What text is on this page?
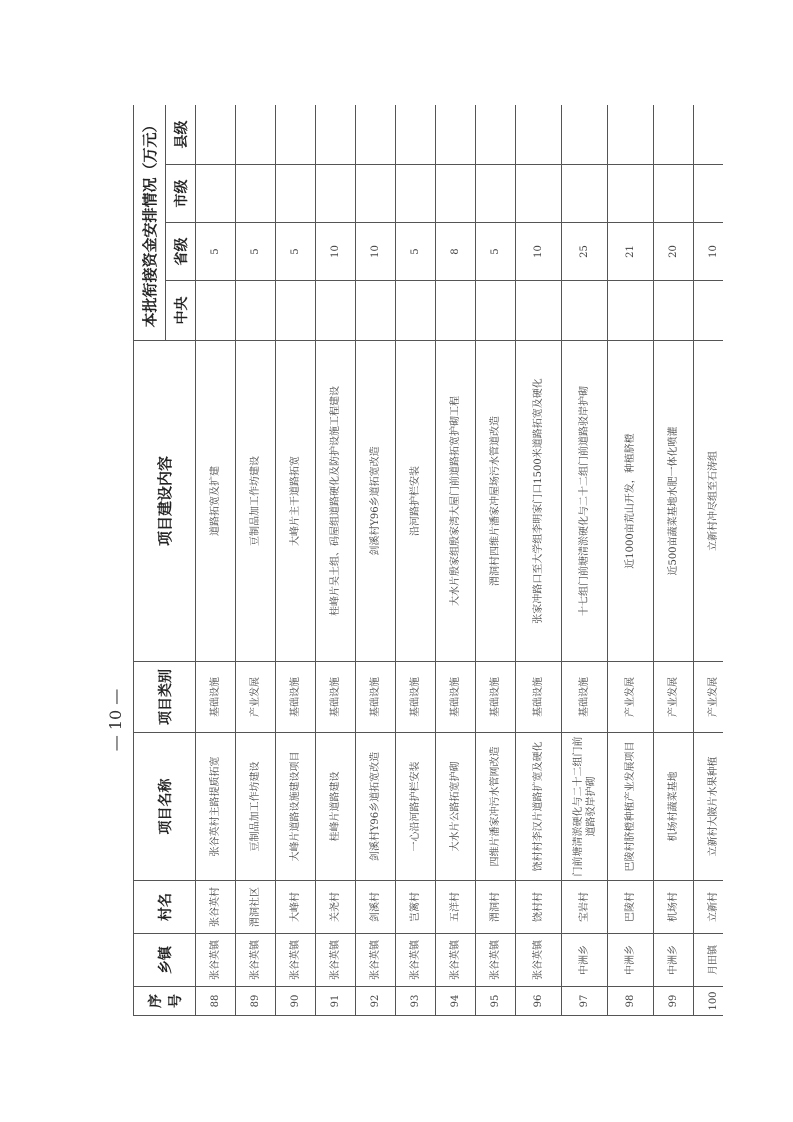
序号	乡镇	村名	项目名称	项目类别	项目建设内容	本批衔接资金安排情况（万元）			
						中央	省级	市级	县级
88	张谷英镇	张谷英村	张谷英村主路提质拓宽	基础设施	道路拓宽及扩建		5		
89	张谷英镇	渭洞社区	豆制品加工作坊建设	产业发展	豆制品加工作坊建设		5		
90	张谷英镇	大峰村	大峰片道路设施建设项目	基础设施	大峰片主干道路拓宽		5		
91	张谷英镇	关尧村	桂峰片道路建设	基础设施	桂峰片吴土组、码屋组道路硬化及防护设施工程建设		10		
92	张谷英镇	剑溪村	剑溪村Y96乡道拓宽改造	基础设施	剑溪村Y96乡道拓宽改造		10		
93	张谷英镇	岂篱村	一心沿河路护栏安装	基础设施	沿河路护栏安装		5		
94	张谷英镇	五洋村	大水片公路拓宽护砌	基础设施	大水片殷家组殷家湾大屋门前道路拓宽护砌工程		8		
95	张谷英镇	渭洞村	四维片潘家冲污水管网改造	基础设施	渭洞村四维片潘家冲屋场污水管道改造		5		
96	张谷英镇	饶村村	饶村村李汉片道路扩宽及硬化	基础设施	张家冲路口至大学组李明家门口1500米道路拓宽及硬化		10		
97	中洲乡	宝岩村	门前塘清淤硬化与二十二组门前道路驳岸护砌	基础设施	十七组门前塘清淤硬化与二十二组门前道路驳岸护砌		25		
98	中洲乡	巴陵村	巴陵村脐橙种植产业发展项目	产业发展	近1000亩荒山开发，种植脐橙		21		
99	中洲乡	机场村	机场村蔬菜基地	产业发展	近500亩蔬菜基地水肥一体化喷灌		20		
100	月田镇	立新村	立新村大陂片水果种植	产业发展	立新村冲尽组至石涛组		10		
— 10 —
